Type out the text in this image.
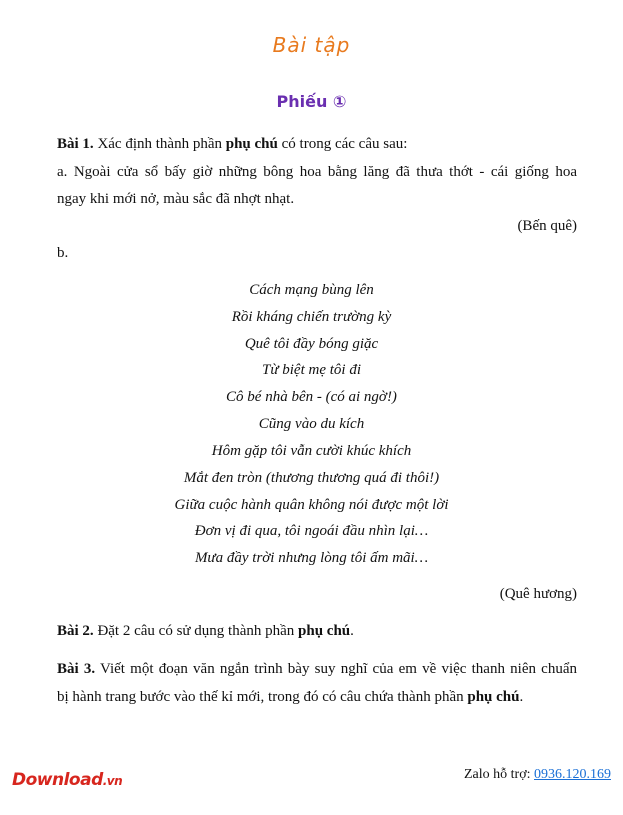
Bài tập
Phiếu ①
Bài 1. Xác định thành phần phụ chú có trong các câu sau:
a. Ngoài cửa sổ bấy giờ những bông hoa bằng lăng đã thưa thớt - cái giống hoa
ngay khi mới nở, màu sắc đã nhợt nhạt.
(Bến quê)
b.
Cách mạng bùng lên
Rồi kháng chiến trường kỳ
Quê tôi đầy bóng giặc
Từ biệt mẹ tôi đi
Cô bé nhà bên - (có ai ngờ!)
Cũng vào du kích
Hôm gặp tôi vẫn cười khúc khích
Mắt đen tròn (thương thương quá đi thôi!)
Giữa cuộc hành quân không nói được một lời
Đơn vị đi qua, tôi ngoái đầu nhìn lại…
Mưa đầy trời nhưng lòng tôi ấm mãi…
(Quê hương)
Bài 2. Đặt 2 câu có sử dụng thành phần phụ chú.
Bài 3. Viết một đoạn văn ngắn trình bày suy nghĩ của em về việc thanh niên chuẩn
bị hành trang bước vào thế kỉ mới, trong đó có câu chứa thành phần phụ chú.
Download.vn	Zalo hỗ trợ: 0936.120.169
